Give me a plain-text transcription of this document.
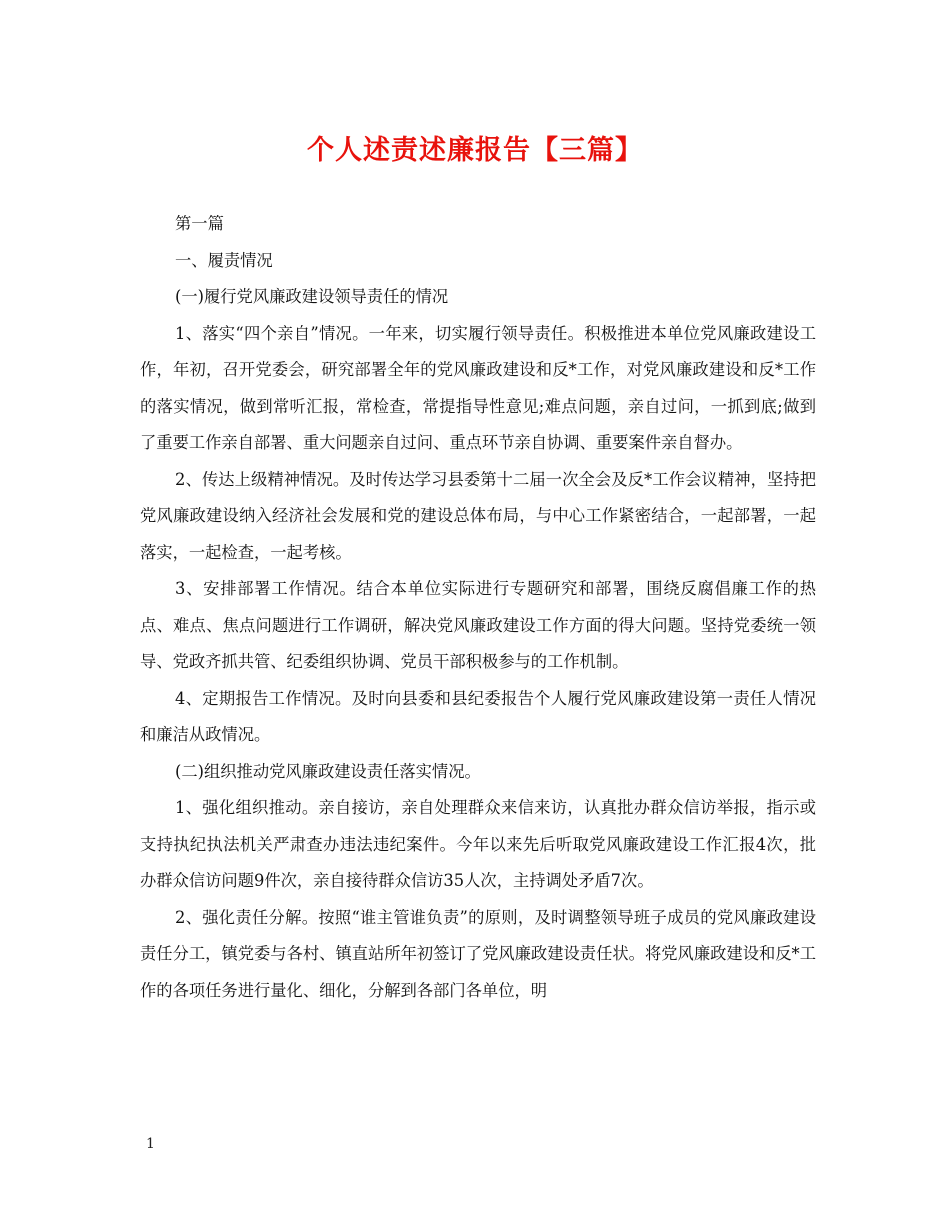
个人述责述廉报告【三篇】

第一篇

一、履责情况

(一)履行党风廉政建设领导责任的情况

1、落实“四个亲自”情况。一年来，切实履行领导责任。积极推进本单位党风廉政建设工作，年初，召开党委会，研究部署全年的党风廉政建设和反*工作，对党风廉政建设和反*工作的落实情况，做到常听汇报，常检查，常提指导性意见;难点问题，亲自过问，一抓到底;做到了重要工作亲自部署、重大问题亲自过问、重点环节亲自协调、重要案件亲自督办。

2、传达上级精神情况。及时传达学习县委第十二届一次全会及反*工作会议精神，坚持把党风廉政建设纳入经济社会发展和党的建设总体布局，与中心工作紧密结合，一起部署，一起落实，一起检查，一起考核。

3、安排部署工作情况。结合本单位实际进行专题研究和部署，围绕反腐倡廉工作的热点、难点、焦点问题进行工作调研，解决党风廉政建设工作方面的得大问题。坚持党委统一领导、党政齐抓共管、纪委组织协调、党员干部积极参与的工作机制。

4、定期报告工作情况。及时向县委和县纪委报告个人履行党风廉政建设第一责任人情况和廉洁从政情况。

(二)组织推动党风廉政建设责任落实情况。

1、强化组织推动。亲自接访，亲自处理群众来信来访，认真批办群众信访举报，指示或支持执纪执法机关严肃查办违法违纪案件。今年以来先后听取党风廉政建设工作汇报4次，批办群众信访问题9件次，亲自接待群众信访35人次，主持调处矛盾7次。

2、强化责任分解。按照“谁主管谁负责”的原则，及时调整领导班子成员的党风廉政建设责任分工，镇党委与各村、镇直站所年初签订了党风廉政建设责任状。将党风廉政建设和反*工作的各项任务进行量化、细化，分解到各部门各单位，明

1
